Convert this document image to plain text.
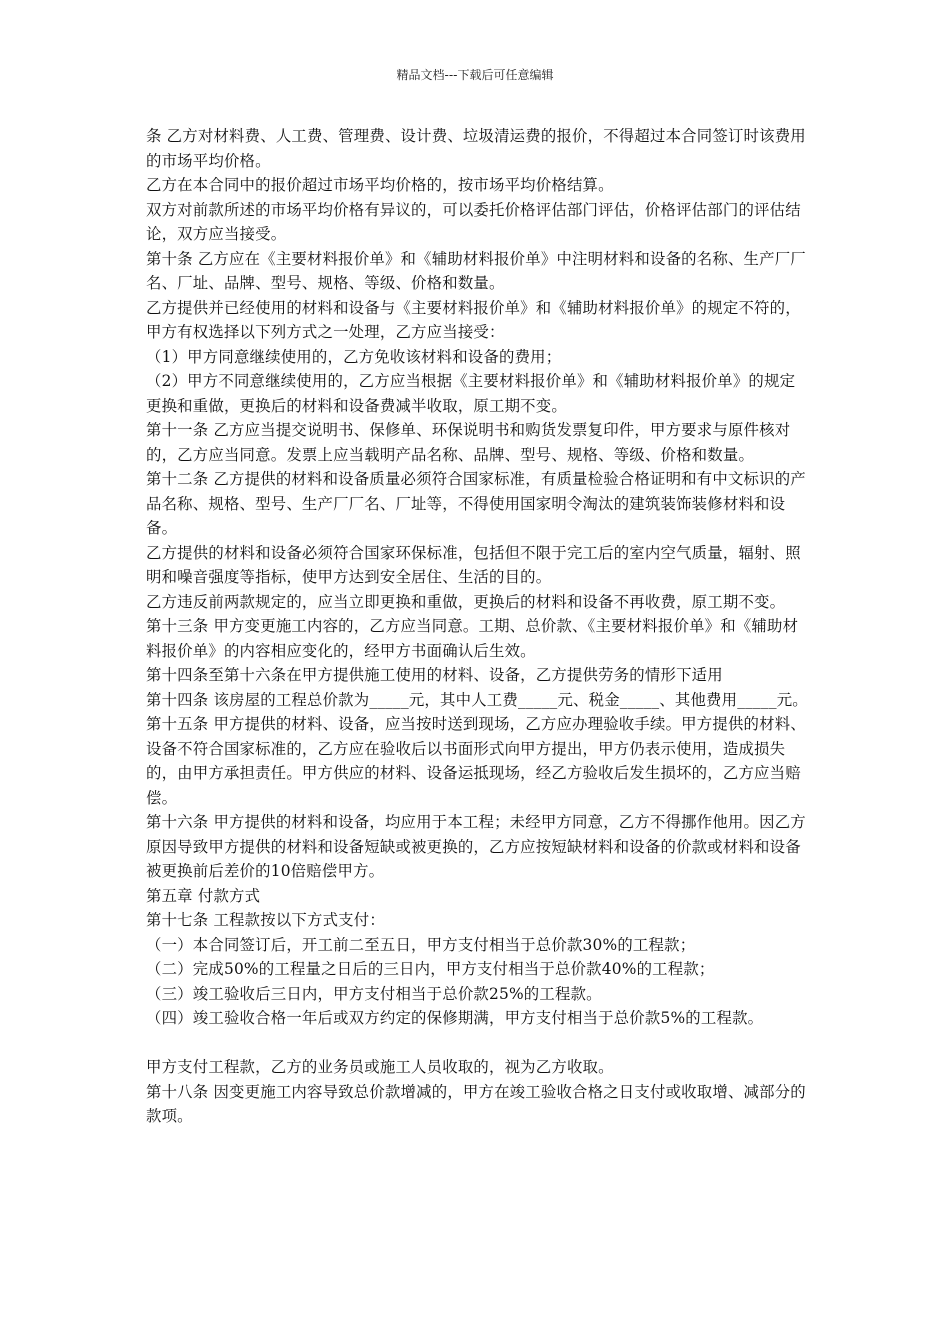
精品文档---下载后可任意编辑

条 乙方对材料费、人工费、管理费、设计费、垃圾清运费的报价，不得超过本合同签订时该费用的市场平均价格。

乙方在本合同中的报价超过市场平均价格的，按市场平均价格结算。

双方对前款所述的市场平均价格有异议的，可以委托价格评估部门评估，价格评估部门的评估结论，双方应当接受。

第十条 乙方应在《主要材料报价单》和《辅助材料报价单》中注明材料和设备的名称、生产厂厂名、厂址、品牌、型号、规格、等级、价格和数量。

乙方提供并已经使用的材料和设备与《主要材料报价单》和《辅助材料报价单》的规定不符的，甲方有权选择以下列方式之一处理，乙方应当接受：

（1）甲方同意继续使用的，乙方免收该材料和设备的费用；

（2）甲方不同意继续使用的，乙方应当根据《主要材料报价单》和《辅助材料报价单》的规定更换和重做，更换后的材料和设备费减半收取，原工期不变。

第十一条 乙方应当提交说明书、保修单、环保说明书和购货发票复印件，甲方要求与原件核对的，乙方应当同意。发票上应当载明产品名称、品牌、型号、规格、等级、价格和数量。

第十二条 乙方提供的材料和设备质量必须符合国家标准，有质量检验合格证明和有中文标识的产品名称、规格、型号、生产厂厂名、厂址等，不得使用国家明令淘汰的建筑装饰装修材料和设备。

乙方提供的材料和设备必须符合国家环保标准，包括但不限于完工后的室内空气质量，辐射、照明和噪音强度等指标，使甲方达到安全居住、生活的目的。

乙方违反前两款规定的，应当立即更换和重做，更换后的材料和设备不再收费，原工期不变。

第十三条 甲方变更施工内容的，乙方应当同意。工期、总价款、《主要材料报价单》和《辅助材料报价单》的内容相应变化的，经甲方书面确认后生效。

第十四条至第十六条在甲方提供施工使用的材料、设备，乙方提供劳务的情形下适用

第十四条 该房屋的工程总价款为_____元，其中人工费_____元、税金_____、其他费用_____元。

第十五条 甲方提供的材料、设备，应当按时送到现场，乙方应办理验收手续。甲方提供的材料、设备不符合国家标准的，乙方应在验收后以书面形式向甲方提出，甲方仍表示使用，造成损失的，由甲方承担责任。甲方供应的材料、设备运抵现场，经乙方验收后发生损坏的，乙方应当赔偿。

第十六条 甲方提供的材料和设备，均应用于本工程；未经甲方同意，乙方不得挪作他用。因乙方原因导致甲方提供的材料和设备短缺或被更换的，乙方应按短缺材料和设备的价款或材料和设备被更换前后差价的10倍赔偿甲方。

第五章 付款方式

第十七条 工程款按以下方式支付：

（一）本合同签订后，开工前二至五日，甲方支付相当于总价款30%的工程款；

（二）完成50%的工程量之日后的三日内，甲方支付相当于总价款40%的工程款；

（三）竣工验收后三日内，甲方支付相当于总价款25%的工程款。

（四）竣工验收合格一年后或双方约定的保修期满，甲方支付相当于总价款5%的工程款。

甲方支付工程款，乙方的业务员或施工人员收取的，视为乙方收取。

第十八条 因变更施工内容导致总价款增减的，甲方在竣工验收合格之日支付或收取增、减部分的款项。
